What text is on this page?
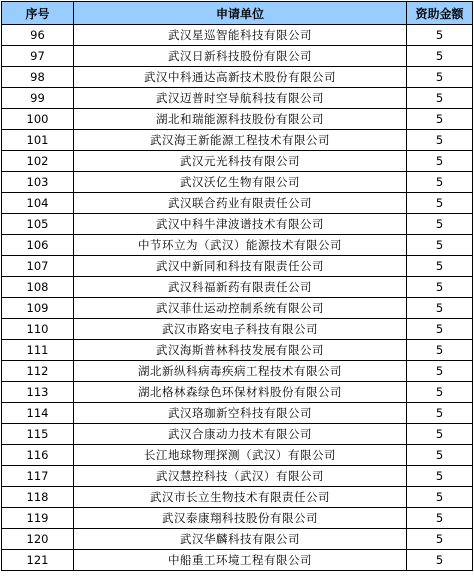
序号	申请单位	资助金额
96	武汉星巡智能科技有限公司	5
97	武汉日新科技股份有限公司	5
98	武汉中科通达高新技术股份有限公司	5
99	武汉迈普时空导航科技有限公司	5
100	湖北和瑞能源科技股份有限公司	5
101	武汉海王新能源工程技术有限公司	5
102	武汉元光科技有限公司	5
103	武汉沃亿生物有限公司	5
104	武汉联合药业有限责任公司	5
105	武汉中科牛津波谱技术有限公司	5
106	中节环立为（武汉）能源技术有限公司	5
107	武汉中新同和科技有限责任公司	5
108	武汉科福新药有限责任公司	5
109	武汉菲仕运动控制系统有限公司	5
110	武汉市路安电子科技有限公司	5
111	武汉海斯普林科技发展有限公司	5
112	湖北新纵科病毒疾病工程技术有限公司	5
113	湖北格林森绿色环保材料股份有限公司	5
114	武汉珞珈新空科技有限公司	5
115	武汉合康动力技术有限公司	5
116	长江地球物理探测（武汉）有限公司	5
117	武汉慧控科技（武汉）有限公司	5
118	武汉市长立生物技术有限责任公司	5
119	武汉泰康翔科技股份有限公司	5
120	武汉华麟科技有限公司	5
121	中船重工环境工程有限公司	5
